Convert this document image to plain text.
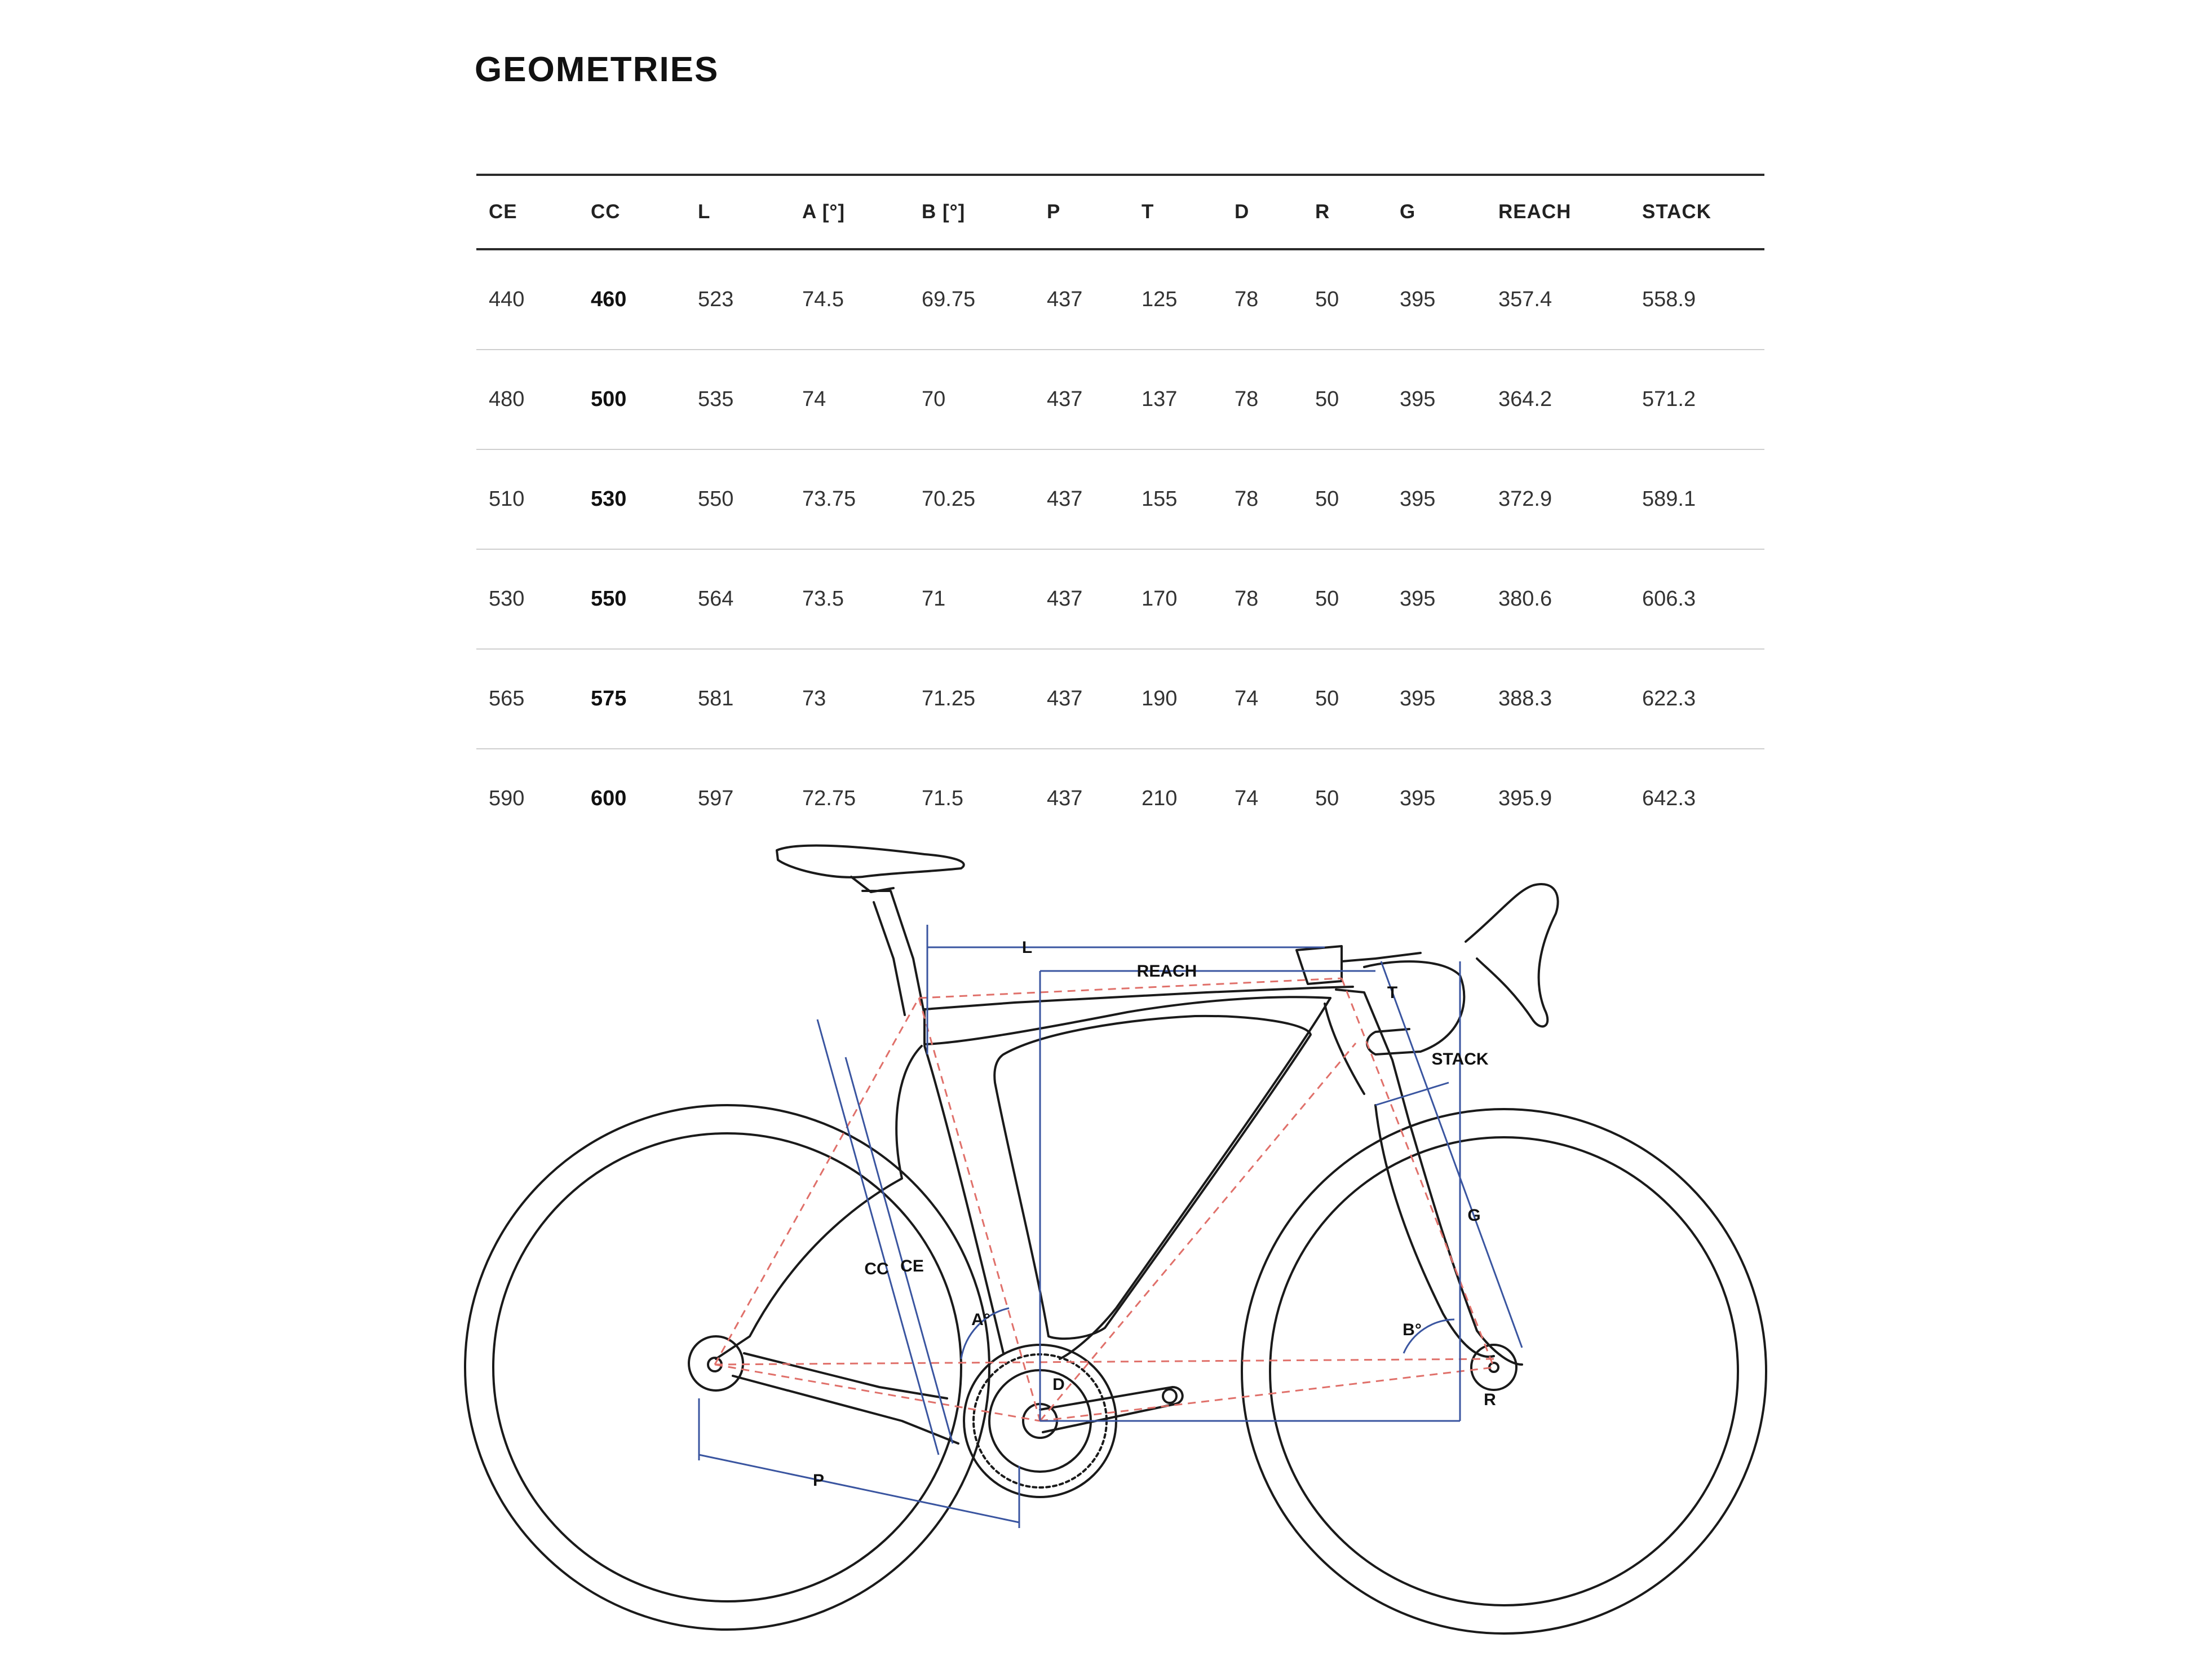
GEOMETRIES
CE	CC	L	A [°]	B [°]	P	T	D	R	G	REACH	STACK
440	460	523	74.5	69.75	437	125	78	50	395	357.4	558.9
480	500	535	74	70	437	137	78	50	395	364.2	571.2
510	530	550	73.75	70.25	437	155	78	50	395	372.9	589.1
530	550	564	73.5	71	437	170	78	50	395	380.6	606.3
565	575	581	73	71.25	437	190	74	50	395	388.3	622.3
590	600	597	72.75	71.5	437	210	74	50	395	395.9	642.3
L
REACH
T
STACK
G
CC CE
A°
B°
D
R
P
